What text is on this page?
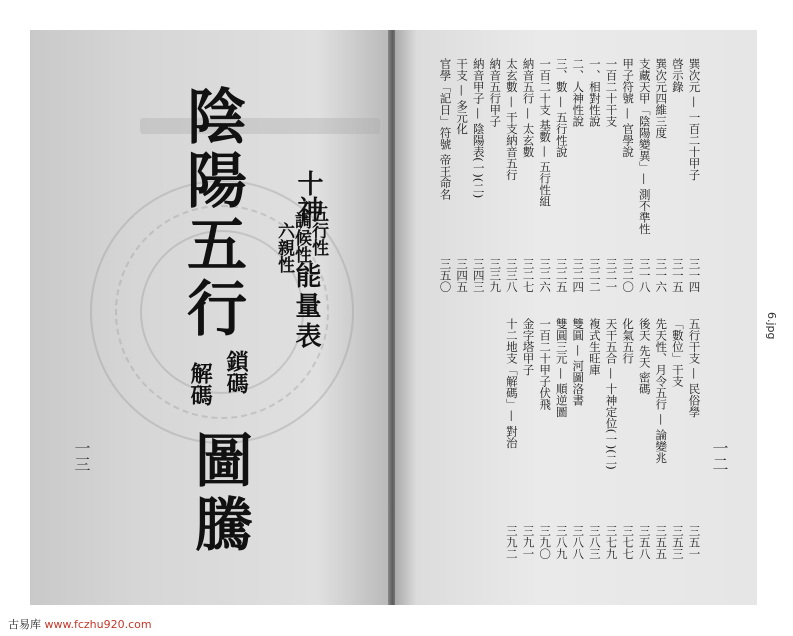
陰陽五行
解碼 鎖碼
圖騰
十神
五行性
調候性
六親性
能量表
一三	一二
巽次元 — 一百二十甲子
三一四
啓示錄
三一五
巽次元四維三度
三一六
支藏天甲「陰陽變異」— 測不準性
三一八
甲子符號 — 官學說
三二〇
一百二十干支
三二一
一、相對性說
三二二
二、人神性說
三二四
三、數 — 五行性說
三二五
一百二十支 基數 — 五行性組
三二六
納音五行 — 太玄數
三二七
太玄數 — 干支納音五行
三三八
納音五行甲子
三三九
納音甲子 — 陰陽表(一)(二)
三四三
干支 — 多元化
三四五
官學「記日」符號 帝王命名
三五〇
五行干支 — 民俗學
三五一
「數位」干支
三五三
先天性、月令五行 — 論變兆
三五五
後天 先天 密碼
三五八
化氣五行
三七七
天干五合 — 十神定位(一)(二)
三七九
複式生旺庫
三八三
雙圓 — 河圖洛書
三八八
雙圓三元 — 順逆圖
三八九
一百二十甲子伏飛
三九〇
金字塔甲子
三九一
十二地支「解碼」— 對治
三九二
6.jpg
古易库 www.fczhu920.com
